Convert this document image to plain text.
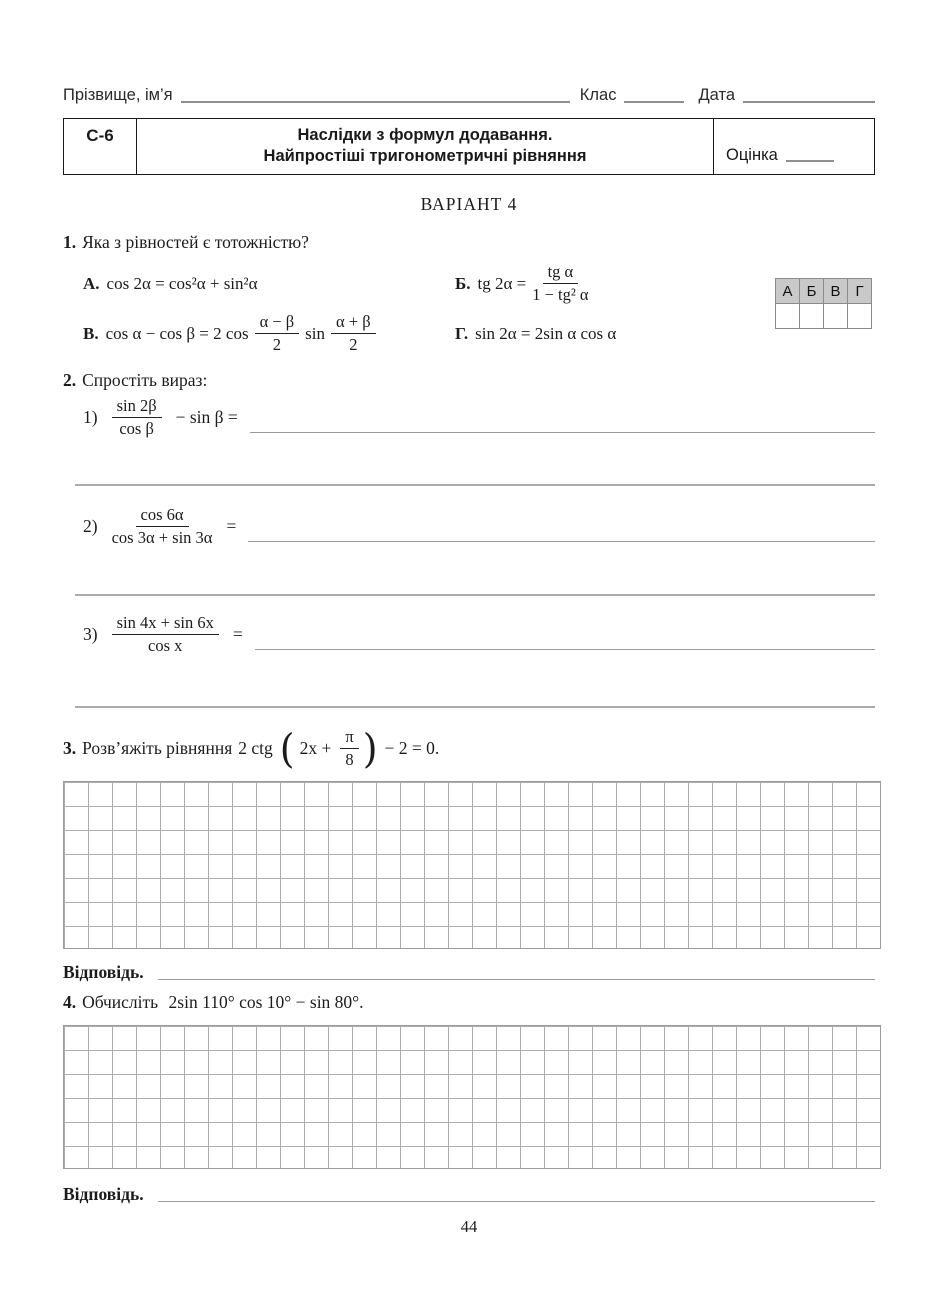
Прізвище, ім’я	Клас	Дата
С-6	Наслідки з формул додавання.
Найпростіші тригонометричні рівняння	Оцінка
ВАРІАНТ 4
1. Яка з рівностей є тотожністю?
А. cos 2α = cos²α + sin²α	Б. tg $2\alpha = \frac{\text{tg α}}{\text{1 − tg² α}}$
В. cos α − cos β = 2 $\cos \frac{\alpha - \beta}{2}$ $\sin \frac{\alpha + \beta}{2}$	Г. sin 2α = 2sin α cos α
А Б В Г
2. Спростіть вираз:
$1) \frac{\sin 2\beta}{\text{cos β}} - \sin \beta$ =
$2) \frac{\cos 6\alpha}{\cos 3\alpha + \sin 3\alpha}$ =
$3) \frac{\sin 4x + \sin 6x}{\text{cos x}}$ =
3. Розв’яжіть рівняння 2 ctg ( $2x + \frac{\pi}{8}$ ) − 2 = 0.
Відповідь.
4. Обчисліть 2sin 110° cos 10° − sin 80°.
Відповідь.
44
